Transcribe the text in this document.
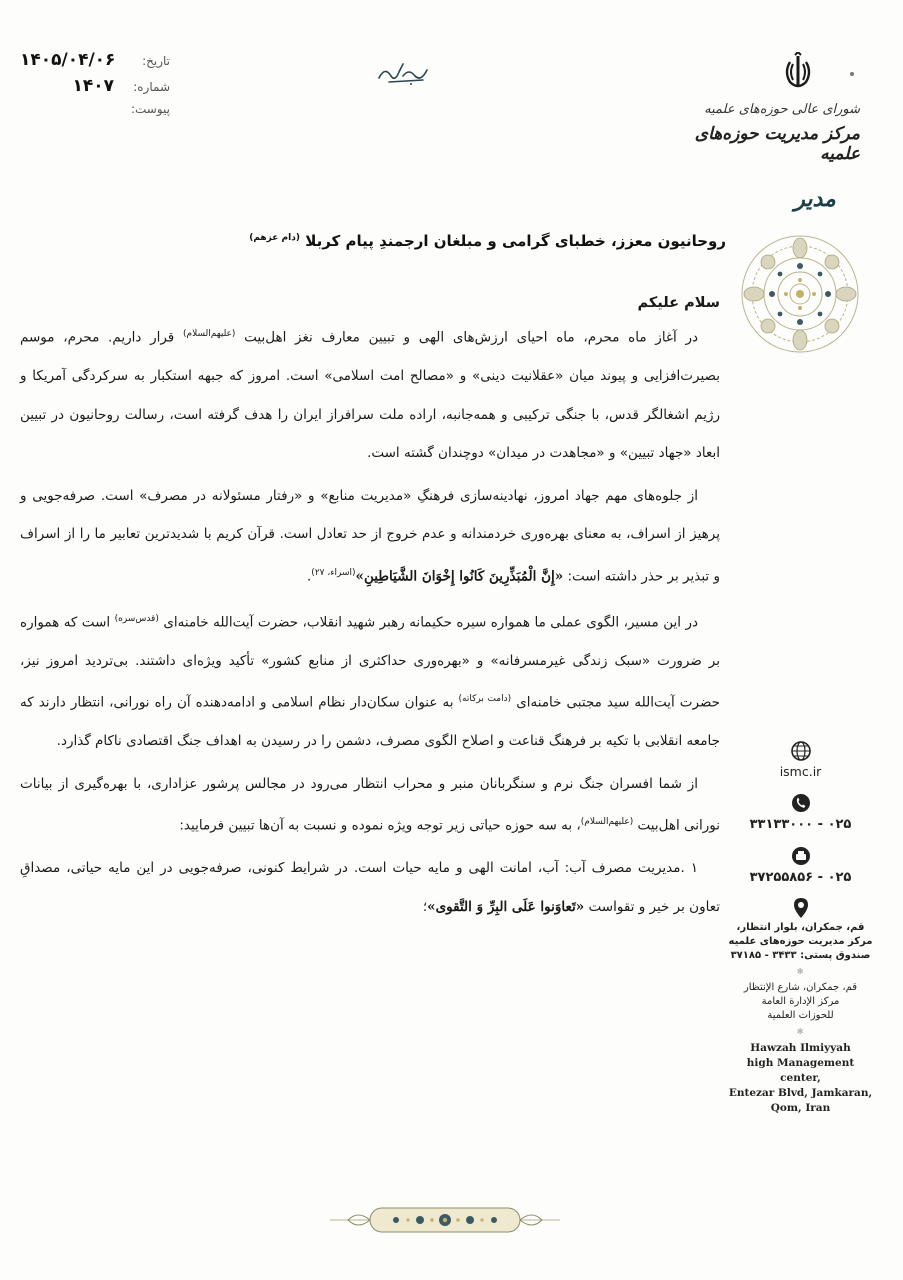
تاریخ:
۱۴۰۵/۰۴/۰۶
شماره:
۱۴۰۷
پیوست:	شورای عالی حوزه‌های علمیه
مرکز مدیریت حوزه‌های علمیه
مدیر
روحانیون معزز، خطبای گرامی و مبلغان ارجمندِ پیام کربلا $^{(دام عزهم)}$
سلام علیکم

در آغاز ماه محرم، ماه احیای ارزش‌های الهی و تبیین معارف نغز اهل‌بیت $^{(علیهم‌السلام)}$ قرار داریم. محرم، موسم بصیرت‌افزایی و پیوند میان «عقلانیت دینی» و «مصالح امت اسلامی» است. امروز که جبهه استکبار به سرکردگی آمریکا و رژیم اشغالگر قدس، با جنگی ترکیبی و همه‌جانبه، اراده ملت سرافراز ایران را هدف گرفته است، رسالت روحانیون در تبیین ابعاد «جهاد تبیین» و «مجاهدت در میدان» دوچندان گشته است.

از جلوه‌های مهم جهاد امروز، نهادینه‌سازی فرهنگِ «مدیریت منابع» و «رفتار مسئولانه در مصرف» است. صرفه‌جویی و پرهیز از اسراف، به معنای بهره‌وری خردمندانه و عدم خروج از حد تعادل است. قرآن کریم با شدیدترین تعابیر ما را از اسراف و تبذیر بر حذر داشته است: «إِنَّ الْمُبَذِّرِينَ كَانُوا إِخْوَانَ الشَّيَاطِينِ»$^{(اسراء، ۲۷)}$.

در این مسیر، الگوی عملی ما همواره سیره حکیمانه رهبر شهید انقلاب، حضرت آیت‌الله خامنه‌ای $^{(قدس‌سره)}$ است که همواره بر ضرورت «سبک زندگی غیرمسرفانه» و «بهره‌وری حداکثری از منابع کشور» تأکید ویژه‌ای داشتند. بی‌تردید امروز نیز، حضرت آیت‌الله سید مجتبی خامنه‌ای $^{(دامت برکاته)}$ به عنوان سکان‌دار نظام اسلامی و ادامه‌دهنده آن راه نورانی، انتظار دارند که جامعه انقلابی با تکیه بر فرهنگ قناعت و اصلاح الگوی مصرف، دشمن را در رسیدن به اهداف جنگ اقتصادی ناکام گذارد.

از شما افسران جنگ نرم و سنگربانان منبر و محراب انتظار می‌رود در مجالس پرشور عزاداری، با بهره‌گیری از بیانات نورانی اهل‌بیت $^{(علیهم‌السلام)}$، به سه حوزه حیاتی زیر توجه ویژه نموده و نسبت به آن‌ها تبیین فرمایید:

۱ .مدیریت مصرف آب: آب، امانت الهی و مایه حیات است. در شرایط کنونی، صرفه‌جویی در این مایه حیاتی، مصداقِ تعاون بر خیر و تقواست «تَعاوَنوا عَلَى البِرِّ وَ التَّقوى»؛

ismc.ir
۰۲۵ - ۳۳۱۳۳۰۰۰
۰۲۵ - ۳۷۲۵۵۸۵۶
قم، جمکران، بلوار انتظار،
مرکز مدیریت حوزه‌های علمیه
صندوق پستی: ۳۴۳۳ - ۳۷۱۸۵
✻
قم، جمکران، شارع الإنتظار
مركز الإدارة العامة
للحوزات العلمية
✻
Hawzah Ilmiyyah
high Management center,
Entezar Blvd, Jamkaran,
Qom, Iran
